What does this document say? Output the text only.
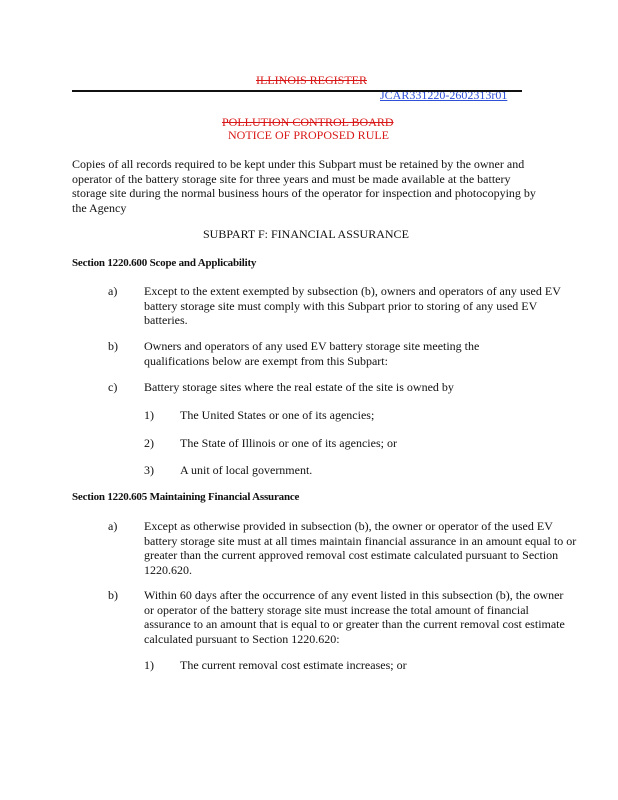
ILLINOIS REGISTER
JCAR331220-2602313r01
POLLUTION CONTROL BOARD
NOTICE OF PROPOSED RULE
Copies of all records required to be kept under this Subpart must be retained by the owner and operator of the battery storage site for three years and must be made available at the battery storage site during the normal business hours of the operator for inspection and photocopying by the Agency
SUBPART F: FINANCIAL ASSURANCE
Section 1220.600 Scope and Applicability
a) Except to the extent exempted by subsection (b), owners and operators of any used EV battery storage site must comply with this Subpart prior to storing of any used EV batteries.
b) Owners and operators of any used EV battery storage site meeting the qualifications below are exempt from this Subpart:
c) Battery storage sites where the real estate of the site is owned by
1) The United States or one of its agencies;
2) The State of Illinois or one of its agencies; or
3) A unit of local government.
Section 1220.605 Maintaining Financial Assurance
a) Except as otherwise provided in subsection (b), the owner or operator of the used EV battery storage site must at all times maintain financial assurance in an amount equal to or greater than the current approved removal cost estimate calculated pursuant to Section 1220.620.
b) Within 60 days after the occurrence of any event listed in this subsection (b), the owner or operator of the battery storage site must increase the total amount of financial assurance to an amount that is equal to or greater than the current removal cost estimate calculated pursuant to Section 1220.620:
1) The current removal cost estimate increases; or
